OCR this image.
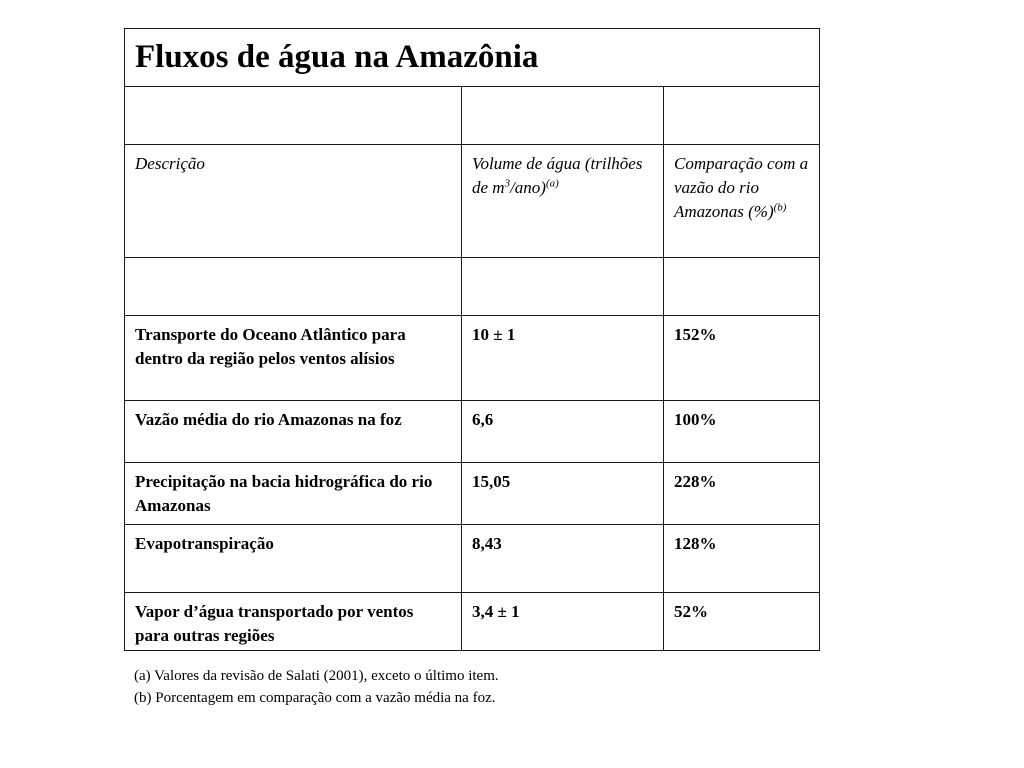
Fluxos de água na Amazônia		

Descrição	Volume de água (trilhões de $m^3/ano)^{(a)}$	Comparação com a vazão do rio Amazonas (%)$^{(b)}$

Transporte do Oceano Atlântico para dentro da região pelos ventos alísios	10 ± 1	152%
Vazão média do rio Amazonas na foz	6,6	100%
Precipitação na bacia hidrográfica do rio Amazonas	15,05	228%
Evapotranspiração	8,43	128%
Vapor d’água transportado por ventos para outras regiões	3,4 ± 1	52%
(a) Valores da revisão de Salati (2001), exceto o último item.
(b) Porcentagem em comparação com a vazão média na foz.
